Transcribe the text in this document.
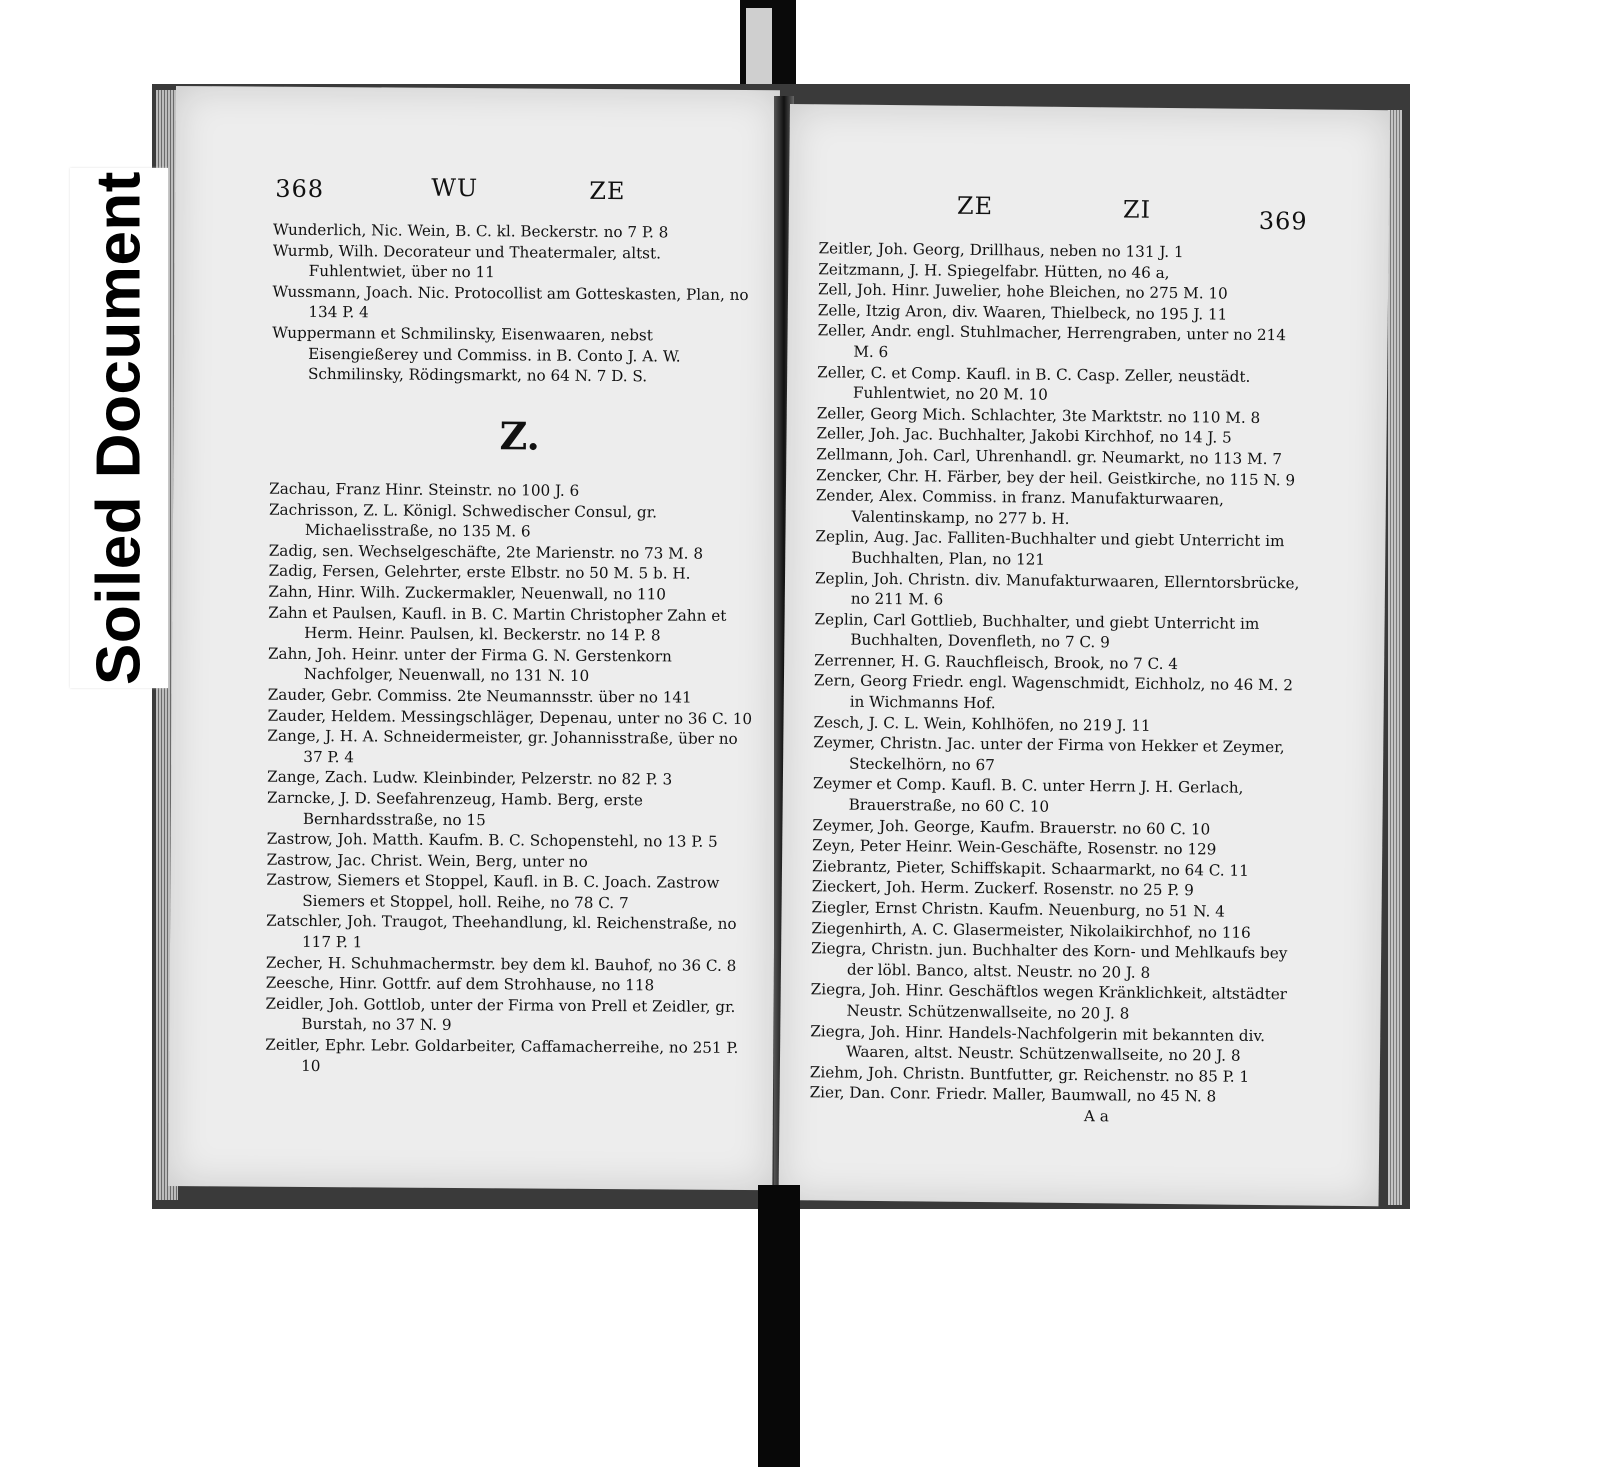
368	WU	ZE

Wunderlich, Nic. Wein, B. C. kl. Beckerstr. no 7 P. 8

Wurmb, Wilh. Decorateur und Theatermaler, altst. Fuhlentwiet, über no 11

Wussmann, Joach. Nic. Protocollist am Gotteskasten, Plan, no 134 P. 4

Wuppermann et Schmilinsky, Eisenwaaren, nebst Eisengießerey und Commiss. in B. Conto J. A. W. Schmilinsky, Rödingsmarkt, no 64 N. 7 D. S.

Z.

Zachau, Franz Hinr. Steinstr. no 100 J. 6

Zachrisson, Z. L. Königl. Schwedischer Consul, gr. Michaelisstraße, no 135 M. 6

Zadig, sen. Wechselgeschäfte, 2te Marienstr. no 73 M. 8

Zadig, Fersen, Gelehrter, erste Elbstr. no 50 M. 5 b. H.

Zahn, Hinr. Wilh. Zuckermakler, Neuenwall, no 110

Zahn et Paulsen, Kaufl. in B. C. Martin Christopher Zahn et Herm. Heinr. Paulsen, kl. Beckerstr. no 14 P. 8

Zahn, Joh. Heinr. unter der Firma G. N. Gerstenkorn Nachfolger, Neuenwall, no 131 N. 10

Zauder, Gebr. Commiss. 2te Neumannsstr. über no 141

Zauder, Heldem. Messingschläger, Depenau, unter no 36 C. 10

Zange, J. H. A. Schneidermeister, gr. Johannisstraße, über no 37 P. 4

Zange, Zach. Ludw. Kleinbinder, Pelzerstr. no 82 P. 3

Zarncke, J. D. Seefahrenzeug, Hamb. Berg, erste Bernhardsstraße, no 15

Zastrow, Joh. Matth. Kaufm. B. C. Schopenstehl, no 13 P. 5

Zastrow, Jac. Christ. Wein, Berg, unter no

Zastrow, Siemers et Stoppel, Kaufl. in B. C. Joach. Zastrow Siemers et Stoppel, holl. Reihe, no 78 C. 7

Zatschler, Joh. Traugot, Theehandlung, kl. Reichenstraße, no 117 P. 1

Zecher, H. Schuhmachermstr. bey dem kl. Bauhof, no 36 C. 8

Zeesche, Hinr. Gottfr. auf dem Strohhause, no 118

Zeidler, Joh. Gottlob, unter der Firma von Prell et Zeidler, gr. Burstah, no 37 N. 9

Zeitler, Ephr. Lebr. Goldarbeiter, Caffamacherreihe, no 251 P. 10

ZE	ZI	369

Zeitler, Joh. Georg, Drillhaus, neben no 131 J. 1

Zeitzmann, J. H. Spiegelfabr. Hütten, no 46 a,

Zell, Joh. Hinr. Juwelier, hohe Bleichen, no 275 M. 10

Zelle, Itzig Aron, div. Waaren, Thielbeck, no 195 J. 11

Zeller, Andr. engl. Stuhlmacher, Herrengraben, unter no 214 M. 6

Zeller, C. et Comp. Kaufl. in B. C. Casp. Zeller, neustädt. Fuhlentwiet, no 20 M. 10

Zeller, Georg Mich. Schlachter, 3te Marktstr. no 110 M. 8

Zeller, Joh. Jac. Buchhalter, Jakobi Kirchhof, no 14 J. 5

Zellmann, Joh. Carl, Uhrenhandl. gr. Neumarkt, no 113 M. 7

Zencker, Chr. H. Färber, bey der heil. Geistkirche, no 115 N. 9

Zender, Alex. Commiss. in franz. Manufakturwaaren, Valentinskamp, no 277 b. H.

Zeplin, Aug. Jac. Falliten-Buchhalter und giebt Unterricht im Buchhalten, Plan, no 121

Zeplin, Joh. Christn. div. Manufakturwaaren, Ellerntorsbrücke, no 211 M. 6

Zeplin, Carl Gottlieb, Buchhalter, und giebt Unterricht im Buchhalten, Dovenfleth, no 7 C. 9

Zerrenner, H. G. Rauchfleisch, Brook, no 7 C. 4

Zern, Georg Friedr. engl. Wagenschmidt, Eichholz, no 46 M. 2 in Wichmanns Hof.

Zesch, J. C. L. Wein, Kohlhöfen, no 219 J. 11

Zeymer, Christn. Jac. unter der Firma von Hekker et Zeymer, Steckelhörn, no 67

Zeymer et Comp. Kaufl. B. C. unter Herrn J. H. Gerlach, Brauerstraße, no 60 C. 10

Zeymer, Joh. George, Kaufm. Brauerstr. no 60 C. 10

Zeyn, Peter Heinr. Wein-Geschäfte, Rosenstr. no 129

Ziebrantz, Pieter, Schiffskapit. Schaarmarkt, no 64 C. 11

Zieckert, Joh. Herm. Zuckerf. Rosenstr. no 25 P. 9

Ziegler, Ernst Christn. Kaufm. Neuenburg, no 51 N. 4

Ziegenhirth, A. C. Glasermeister, Nikolaikirchhof, no 116

Ziegra, Christn. jun. Buchhalter des Korn- und Mehlkaufs bey der löbl. Banco, altst. Neustr. no 20 J. 8

Ziegra, Joh. Hinr. Geschäftlos wegen Kränklichkeit, altstädter Neustr. Schützenwallseite, no 20 J. 8

Ziegra, Joh. Hinr. Handels-Nachfolgerin mit bekannten div. Waaren, altst. Neustr. Schützenwallseite, no 20 J. 8

Ziehm, Joh. Christn. Buntfutter, gr. Reichenstr. no 85 P. 1

Zier, Dan. Conr. Friedr. Maller, Baumwall, no 45 N. 8

A a

Soiled Document
